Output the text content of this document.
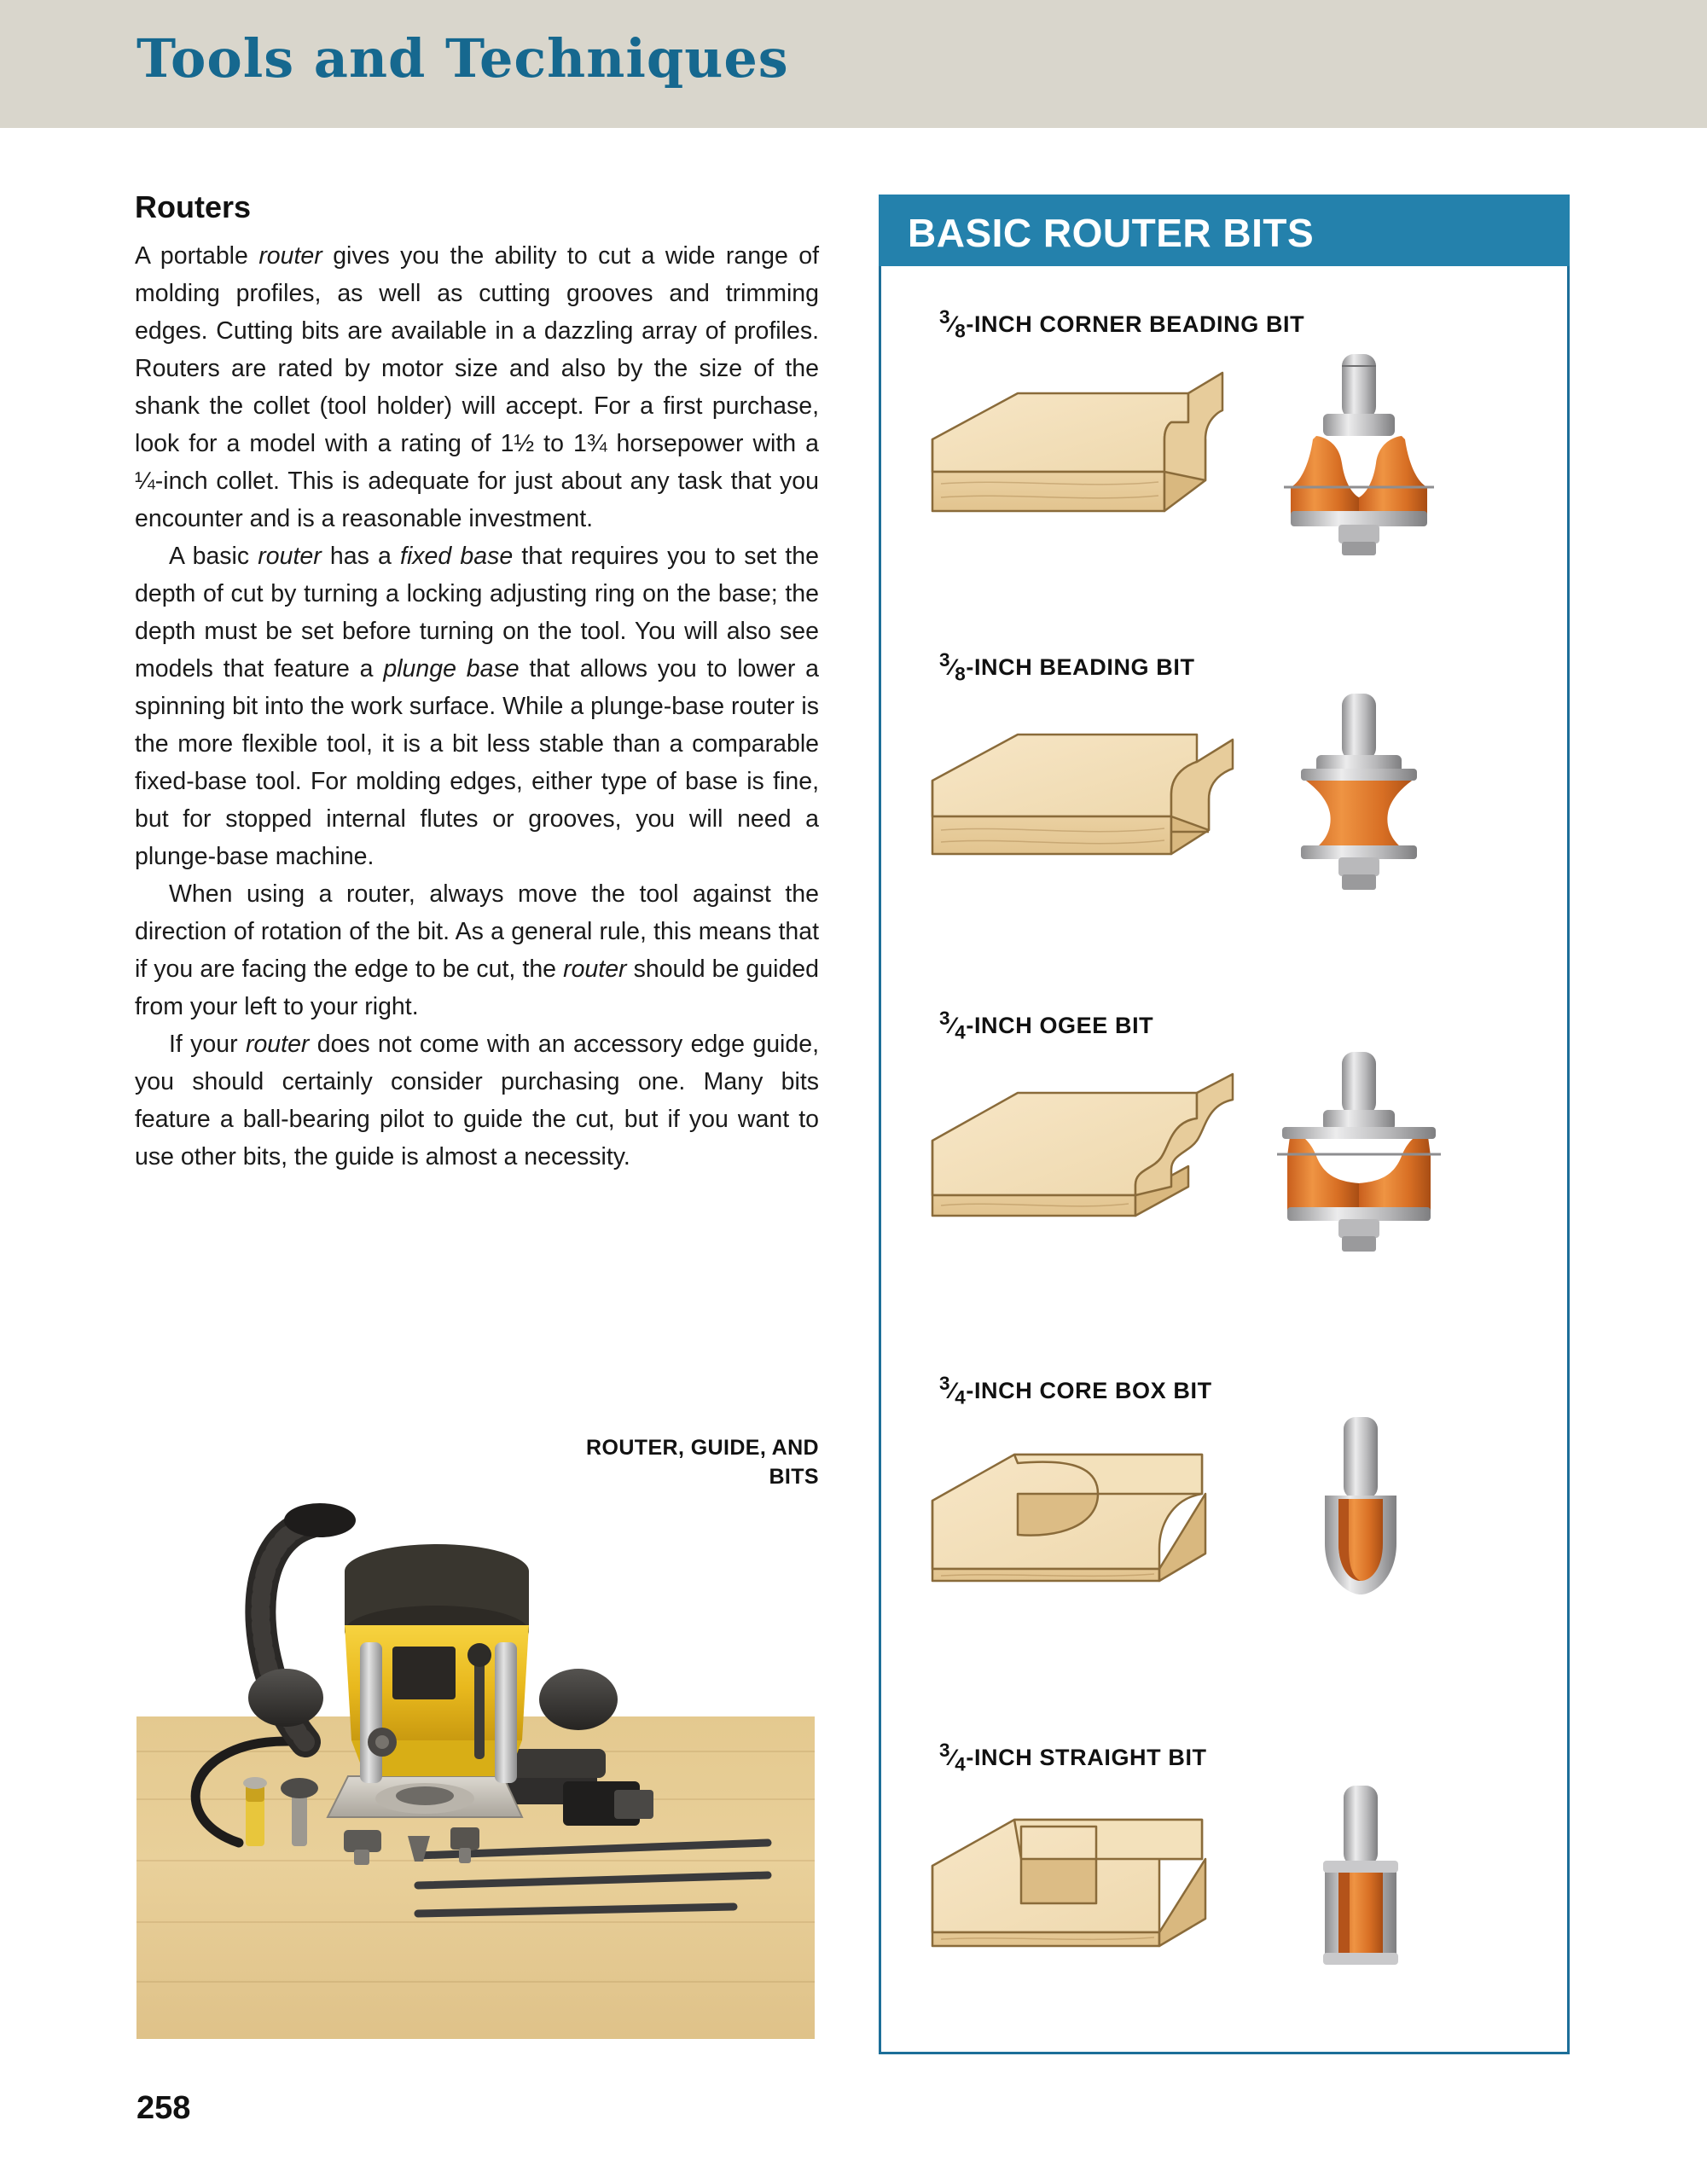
Tools and Techniques
Routers

A portable router gives you the ability to cut a wide range of molding profiles, as well as cutting grooves and trimming edges. Cutting bits are available in a dazzling array of profiles. Routers are rated by motor size and also by the size of the shank the collet (tool holder) will accept. For a first purchase, look for a model with a rating of 1½ to 1¾ horsepower with a ¼-inch collet. This is adequate for just about any task that you encounter and is a reasonable investment.

A basic router has a fixed base that requires you to set the depth of cut by turning a locking adjusting ring on the base; the depth must be set before turning on the tool. You will also see models that feature a plunge base that allows you to lower a spinning bit into the work surface. While a plunge-base router is the more flexible tool, it is a bit less stable than a comparable fixed-base tool. For molding edges, either type of base is fine, but for stopped internal flutes or grooves, you will need a plunge-base machine.

When using a router, always move the tool against the direction of rotation of the bit. As a general rule, this means that if you are facing the edge to be cut, the router should be guided from your left to your right.

If your router does not come with an accessory edge guide, you should certainly consider purchasing one. Many bits feature a ball-bearing pilot to guide the cut, but if you want to use other bits, the guide is almost a necessity.

ROUTER, GUIDE, AND BITS
258
BASIC ROUTER BITS
$^3⁄_8$-INCH CORNER BEADING BIT
$^3⁄_8$-INCH BEADING BIT
$^3⁄_4$-INCH OGEE BIT
$^3⁄_4$-INCH CORE BOX BIT
$^3⁄_4$-INCH STRAIGHT BIT
